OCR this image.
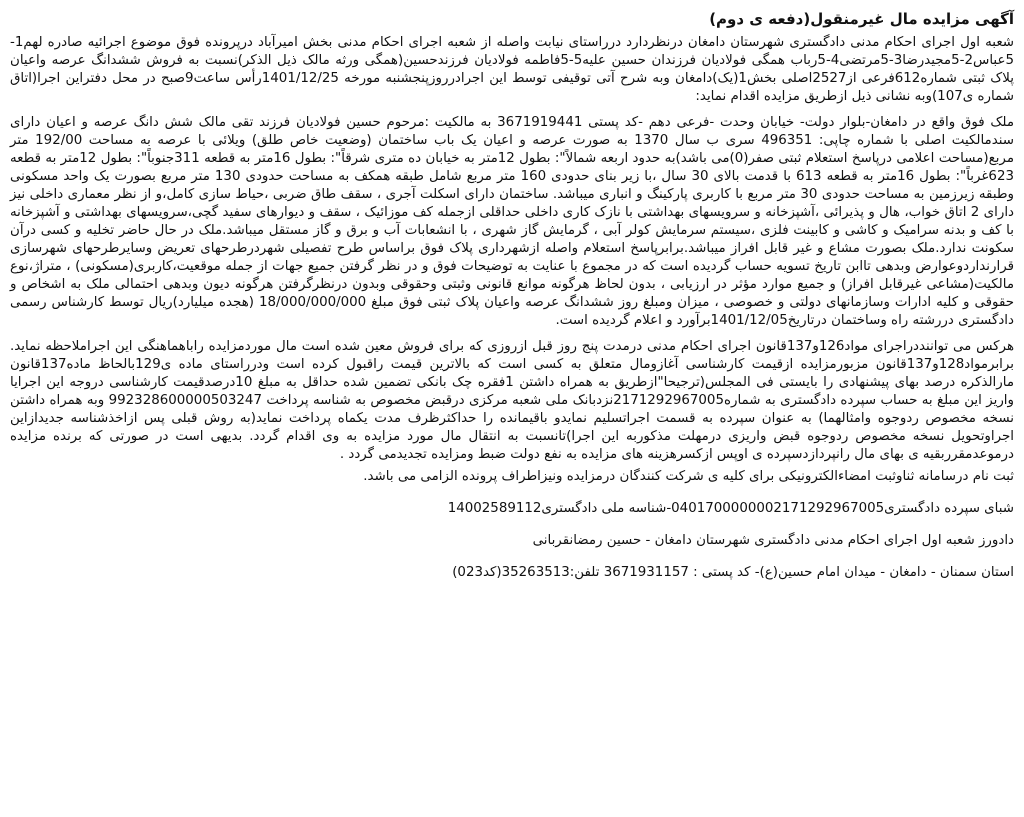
آگهی مزایده مال غیرمنقول(دفعه ی دوم)

شعبه اول اجرای احکام مدنی دادگستری شهرستان دامغان درنظردارد درراستای نیابت واصله از شعبه اجرای احکام مدنی بخش امیرآباد درپرونده فوق موضوع اجرائیه صادره لهم1-5عباس2-5مجیدرضا3-5مرتضی4-5رباب همگی فولادیان فرزندان حسین علیه5-5فاطمه فولادیان فرزندحسین(همگی ورثه مالک ذیل الذکر)نسبت به فروش ششدانگ عرصه واعیان پلاک ثبتی شماره612فرعی از2527اصلی بخش1(یک)دامغان وبه شرح آتی توقیفی توسط این اجرادرروزپنجشنبه مورخه 1401/12/25رأس ساعت9صبح در محل دفتراین اجرا(اتاق شماره ی107)وبه نشانی ذیل ازطریق مزایده اقدام نماید:

ملک فوق واقع در دامغان-بلوار دولت- خیابان وحدت -فرعی دهم -کد پستی 3671919441 به مالکیت :مرحوم حسین فولادیان فرزند تقی مالک شش دانگ عرصه و اعیان دارای سندمالکیت اصلی با شماره چاپی: 496351 سری ب سال 1370 به صورت عرصه و اعیان یک باب ساختمان (وضعیت خاص طلق) ویلائی با عرصه به مساحت 192/00 متر مربع(مساحت اعلامی درپاسخ استعلام ثبتی صفر(0)می باشد)به حدود اربعه شمالاً": بطول 12متر به خیابان ده متری شرقاً": بطول 16متر به قطعه 311جنوباً": بطول 12متر به قطعه 623غرباً": بطول 16متر به قطعه 613 با قدمت بالای 30 سال ،با زیر بنای حدودی 160 متر مربع شامل طبقه همکف به مساحت حدودی 130 متر مربع بصورت یک واحد مسکونی وطبقه زیرزمین به مساحت حدودی 30 متر مربع با کاربری پارکینگ و انباری میباشد. ساختمان دارای اسکلت آجری ، سقف طاق ضربی ،حیاط سازی کامل،و از نظر معماری داخلی نیز دارای 2 اتاق خواب، هال و پذیرائی ،آشپزخانه و سرویسهای بهداشتی با نازک کاری داخلی حداقلی ازجمله کف موزائیک ، سقف و دیوارهای سفید گچی،سرویسهای بهداشتی و آشپزخانه با کف و بدنه سرامیک و کاشی و کابینت فلزی ،سیستم سرمایش کولر آبی ، گرمایش گاز شهری ، با انشعابات آب و برق و گاز مستقل میباشد.ملک در حال حاضر تخلیه و کسی درآن سکونت ندارد.ملک بصورت مشاع و غیر قابل افراز میباشد.برابرپاسخ استعلام واصله ازشهرداری پلاک فوق براساس طرح تفصیلی شهردرطرحهای تعریض وسایرطرحهای شهرسازی قرارنداردوعوارض وبدهی تاابن تاریخ تسویه حساب گردیده است که در مجموع با عنایت به توضیحات فوق و در نظر گرفتن جمیع جهات از جمله موقعیت،کاربری(مسکونی) ، متراژ،نوع مالکیت(مشاعی غیرقابل افراز) و جمیع موارد مؤثر در ارزیابی ، بدون لحاظ هرگونه موانع قانونی وثبتی وحقوقی وبدون درنظرگرفتن هرگونه دیون وبدهی احتمالی ملک به اشخاص و حقوقی و کلیه ادارات وسازمانهای دولتی و خصوصی ، میزان ومبلغ روز ششدانگ عرصه واعیان پلاک ثبتی فوق مبلغ 18/000/000/000 (هجده میلیارد)ریال توسط کارشناس رسمی دادگستری دررشته راه وساختمان درتاریخ1401/12/05برآورد و اعلام گردیده است.

هرکس می تواننددراجرای مواد126و137قانون اجرای احکام مدنی درمدت پنج روز قبل ازروزی که برای فروش معین شده است مال موردمزایده راباهماهنگی این اجراملاحظه نماید. برابرمواد128و137قانون مزبورمزایده ازقیمت کارشناسی آغازومال متعلق به کسی است که بالاترین قیمت راقبول کرده است ودرراستای ماده ی129بالحاظ ماده137قانون مارالذکره درصد بهای پیشنهادی را بایستی فی المجلس(ترجیحا"ازطریق به همراه داشتن 1فقره چک بانکی تضمین شده حداقل به مبلغ 10درصدقیمت کارشناسی دروجه این اجرایا واریز این مبلغ به حساب سپرده دادگستری به شماره2171292967005نزدبانک ملی شعبه مرکزی درقبض مخصوص به شناسه پرداخت 992328600000503247 وبه همراه داشتن نسخه مخصوص ردوجوه وامثالهما) به عنوان سپرده به قسمت اجراتسلیم نمایدو باقیمانده را حداکثرظرف مدت یکماه پرداخت نماید(به روش قبلی پس ازاخذشناسه جدیدازاین اجراوتحویل نسخه مخصوص ردوجوه قبض واریزی درمهلت مذکوربه این اجرا)تانسبت به انتقال مال مورد مزایده به وی اقدام گردد. بدیهی است در صورتی که برنده مزایده درموعدمقرربقیه ی بهای مال رانپردازدسپرده ی اوپس ازکسرهزینه های مزایده به نفع دولت ضبط ومزایده تجدیدمی گردد .

ثبت نام درسامانه ثناوثبت امضاءالکترونیکی برای کلیه ی شرکت کنندگان درمزایده ونیزاطراف پرونده الزامی می باشد.
شبای سپرده دادگستری0401700000002171292967005-شناسه ملی دادگستری14002589112
دادورز شعبه اول اجرای احکام مدنی دادگستری شهرستان دامغان - حسین رمضانقربانی
استان سمنان - دامغان - میدان امام حسین(ع)- کد پستی : 3671931157 تلفن:35263513(کد023)
